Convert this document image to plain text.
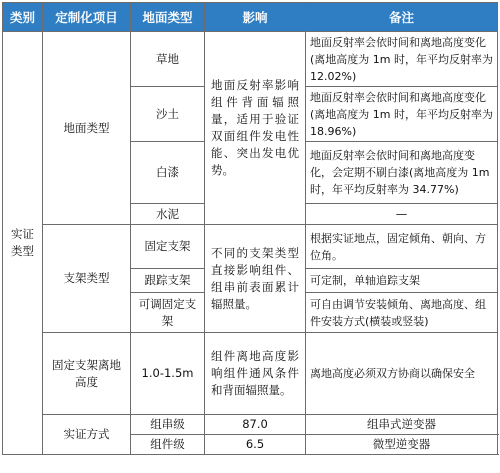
类别	定制化项目	地面类型	影响	备注
实证类型	地面类型	草地	地面反射率影响组件背面辐照量，适用于验证双面组件发电性能、突出发电优势。	地面反射率会依时间和离地高度变化(离地高度为 1m 时，年平均反射率为 12.02%)
		沙土		地面反射率会依时间和离地高度变化(离地高度为 1m 时，年平均反射率为 18.96%)
		白漆		地面反射率会依时间和离地高度变化，会定期不刷白漆(离地高度为 1m 时，年平均反射率为 34.77%)
		水泥		—
	支架类型	固定支架	不同的支架类型直接影响组件、组串前表面累计辐照量。	根据实证地点，固定倾角、朝向、方位角。
		跟踪支架		可定制，单轴追踪支架
		可调固定支架		可自由调节安装倾角、离地高度、组件安装方式(横装或竖装)
	固定支架离地高度	1.0-1.5m	组件离地高度影响组件通风条件和背面辐照量。	离地高度必须双方协商以确保安全
	实证方式	组串级	87.0	组串式逆变器
		组件级	6.5	微型逆变器
